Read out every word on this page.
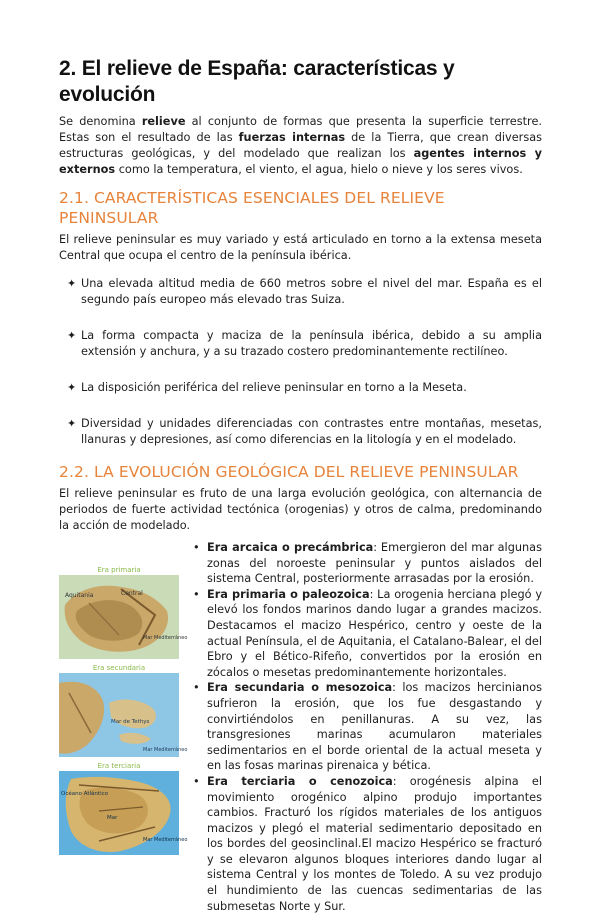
2. El relieve de España: características y evolución

Se denomina relieve al conjunto de formas que presenta la superficie terrestre. Estas son el resultado de las fuerzas internas de la Tierra, que crean diversas estructuras geológicas, y del modelado que realizan los agentes internos y externos como la temperatura, el viento, el agua, hielo o nieve y los seres vivos.

2.1. CARACTERÍSTICAS ESENCIALES DEL RELIEVE PENINSULAR

El relieve peninsular es muy variado y está articulado en torno a la extensa meseta Central que ocupa el centro de la península ibérica.

✦ Una elevada altitud media de 660 metros sobre el nivel del mar. España es el segundo país europeo más elevado tras Suiza.
✦ La forma compacta y maciza de la península ibérica, debido a su amplia extensión y anchura, y a su trazado costero predominantemente rectilíneo.
✦ La disposición periférica del relieve peninsular en torno a la Meseta.
✦ Diversidad y unidades diferenciadas con contrastes entre montañas, mesetas, llanuras y depresiones, así como diferencias en la litología y en el modelado.
2.2. LA EVOLUCIÓN GEOLÓGICA DEL RELIEVE PENINSULAR

El relieve peninsular es fruto de una larga evolución geológica, con alternancia de periodos de fuerte actividad tectónica (orogenias) y otros de calma, predominando la acción de modelado.

Era primaria
Aquitania	Central
Mar Mediterráneo
Era secundaria
Mar de Tethys
Mar Mediterráneo
Era terciaria
Océano Atlántico
Mar
Mar Mediterráneo
• Era arcaica o precámbrica: Emergieron del mar algunas zonas del noroeste peninsular y puntos aislados del sistema Central, posteriormente arrasadas por la erosión.
• Era primaria o paleozoica: La orogenia herciana plegó y elevó los fondos marinos dando lugar a grandes macizos. Destacamos el macizo Hespérico, centro y oeste de la actual Península, el de Aquitania, el Catalano-Balear, el del Ebro y el Bético-Rifeño, convertidos por la erosión en zócalos o mesetas predominantemente horizontales.
• Era secundaria o mesozoica: los macizos hercinianos sufrieron la erosión, que los fue desgastando y convirtiéndolos en penillanuras. A su vez, las transgresiones marinas acumularon materiales sedimentarios en el borde oriental de la actual meseta y en las fosas marinas pirenaica y bética.
• Era terciaria o cenozoica: orogénesis alpina el movimiento orogénico alpino produjo importantes cambios. Fracturó los rígidos materiales de los antiguos macizos y plegó el material sedimentario depositado en los bordes del geosinclinal.El macizo Hespérico se fracturó y se elevaron algunos bloques interiores dando lugar al sistema Central y los montes de Toledo. A su vez produjo el hundimiento de las cuencas sedimentarias de las submesetas Norte y Sur.
